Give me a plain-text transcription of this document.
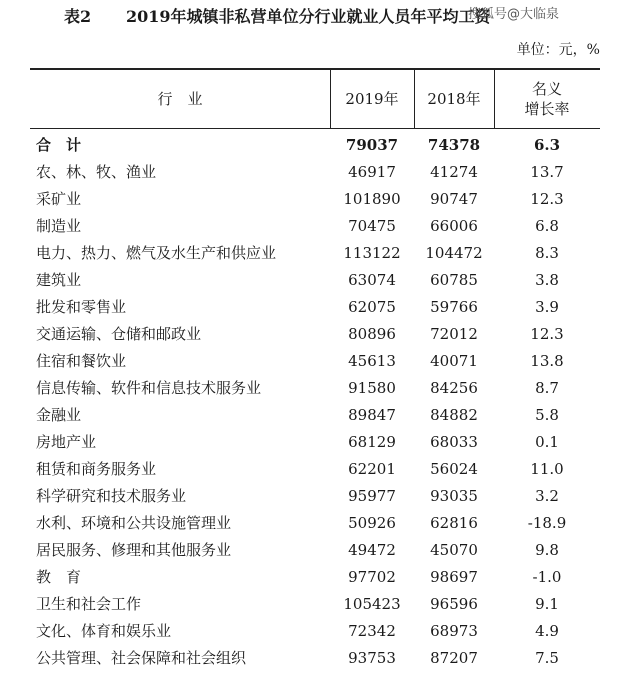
表2 2019年城镇非私营单位分行业就业人员年平均工资
搜狐号@大临泉
单位：元，%
行　业	2019年	2018年
名义
增长率
合　计	79037	74378	6.3
农、林、牧、渔业	46917	41274	13.7
采矿业	101890	90747	12.3
制造业	70475	66006	6.8
电力、热力、燃气及水生产和供应业	113122	104472	8.3
建筑业	63074	60785	3.8
批发和零售业	62075	59766	3.9
交通运输、仓储和邮政业	80896	72012	12.3
住宿和餐饮业	45613	40071	13.8
信息传输、软件和信息技术服务业	91580	84256	8.7
金融业	89847	84882	5.8
房地产业	68129	68033	0.1
租赁和商务服务业	62201	56024	11.0
科学研究和技术服务业	95977	93035	3.2
水利、环境和公共设施管理业	50926	62816	-18.9
居民服务、修理和其他服务业	49472	45070	9.8
教　育	97702	98697	-1.0
卫生和社会工作	105423	96596	9.1
文化、体育和娱乐业	72342	68973	4.9
公共管理、社会保障和社会组织	93753	87207	7.5
